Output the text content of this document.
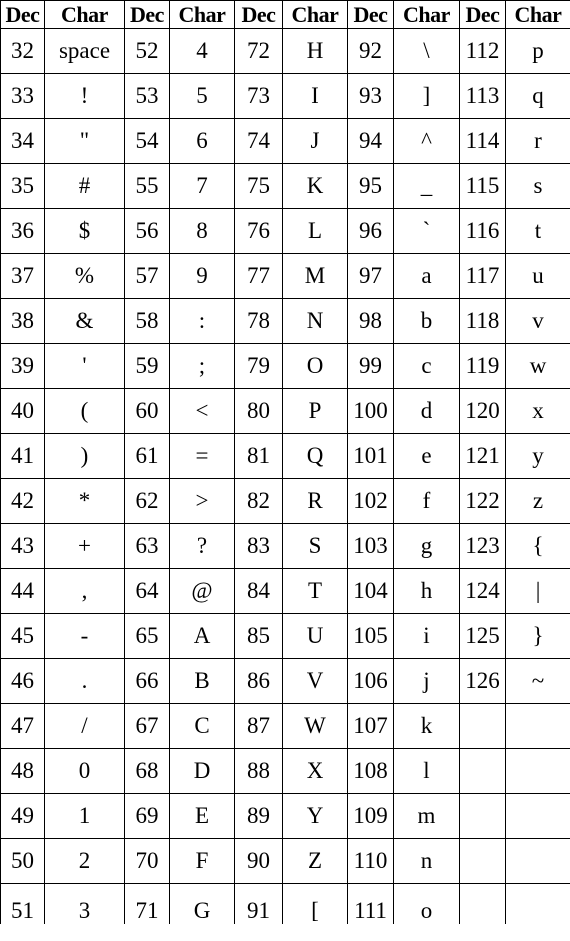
Dec	Char	Dec	Char	Dec	Char	Dec	Char	Dec	Char
32	space	52	4	72	H	92	\	112	p
33	!	53	5	73	I	93	]	113	q
34	"	54	6	74	J	94	^	114	r
35	#	55	7	75	K	95	_	115	s
36	$	56	8	76	L	96	`	116	t
37	%	57	9	77	M	97	a	117	u
38	&	58	:	78	N	98	b	118	v
39	'	59	;	79	O	99	c	119	w
40	(	60	<	80	P	100	d	120	x
41	)	61	=	81	Q	101	e	121	y
42	*	62	>	82	R	102	f	122	z
43	+	63	?	83	S	103	g	123	{
44	,	64	@	84	T	104	h	124	|
45	-	65	A	85	U	105	i	125	}
46	.	66	B	86	V	106	j	126	~
47	/	67	C	87	W	107	k		
48	0	68	D	88	X	108	l		
49	1	69	E	89	Y	109	m		
50	2	70	F	90	Z	110	n		
51	3	71	G	91	[	111	o		
